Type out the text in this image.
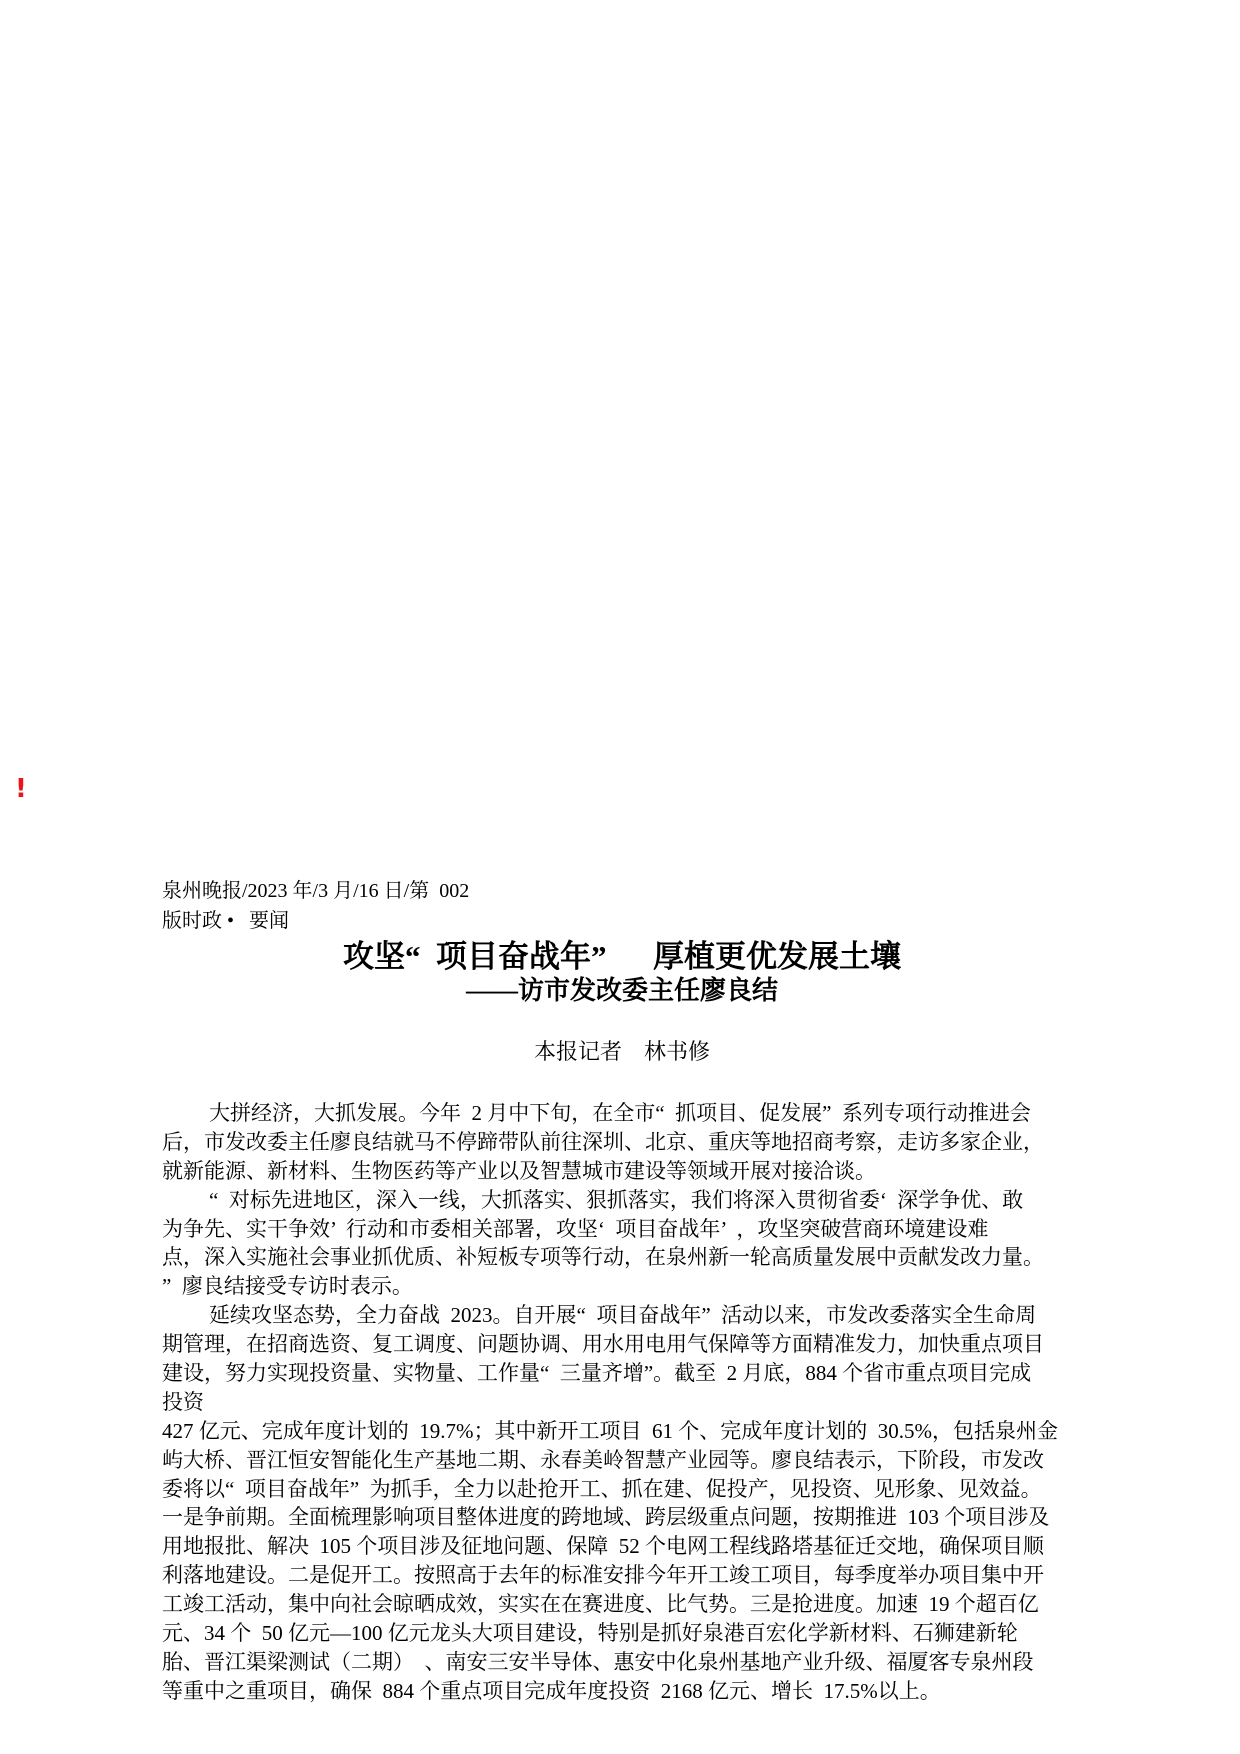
!
泉州晚报/2023 年/3 月/16 日/第  002
版时政 •   要闻
攻坚“  项目奋战年”      厚植更优发展土壤
——访市发改委主任廖良结
本报记者    林书修
大拼经济，大抓发展。今年  2 月中下旬，在全市“  抓项目、促发展”  系列专项行动推进会
后，市发改委主任廖良结就马不停蹄带队前往深圳、北京、重庆等地招商考察，走访多家企业，
就新能源、新材料、生物医药等产业以及智慧城市建设等领域开展对接洽谈。
“  对标先进地区，深入一线，大抓落实、狠抓落实，我们将深入贯彻省委‘  深学争优、敢
为争先、实干争效’  行动和市委相关部署，攻坚‘  项目奋战年’  ，攻坚突破营商环境建设难
点，深入实施社会事业抓优质、补短板专项等行动，在泉州新一轮高质量发展中贡献发改力量。
”  廖良结接受专访时表示。
延续攻坚态势，全力奋战  2023。自开展“  项目奋战年”  活动以来，市发改委落实全生命周
期管理，在招商选资、复工调度、问题协调、用水用电用气保障等方面精准发力，加快重点项目
建设，努力实现投资量、实物量、工作量“  三量齐增”。截至  2 月底，884 个省市重点项目完成
投资
427 亿元、完成年度计划的  19.7%；其中新开工项目  61 个、完成年度计划的  30.5%，包括泉州金
屿大桥、晋江恒安智能化生产基地二期、永春美岭智慧产业园等。廖良结表示，下阶段，市发改
委将以“  项目奋战年”  为抓手，全力以赴抢开工、抓在建、促投产，见投资、见形象、见效益。
一是争前期。全面梳理影响项目整体进度的跨地域、跨层级重点问题，按期推进  103 个项目涉及
用地报批、解决  105 个项目涉及征地问题、保障  52 个电网工程线路塔基征迁交地，确保项目顺
利落地建设。二是促开工。按照高于去年的标准安排今年开工竣工项目，每季度举办项目集中开
工竣工活动，集中向社会晾晒成效，实实在在赛进度、比气势。三是抢进度。加速  19 个超百亿
元、34 个  50 亿元—100 亿元龙头大项目建设，特别是抓好泉港百宏化学新材料、石狮建新轮
胎、晋江渠梁测试（二期）  、南安三安半导体、惠安中化泉州基地产业升级、福厦客专泉州段
等重中之重项目，确保  884 个重点项目完成年度投资  2168 亿元、增长  17.5%以上。
